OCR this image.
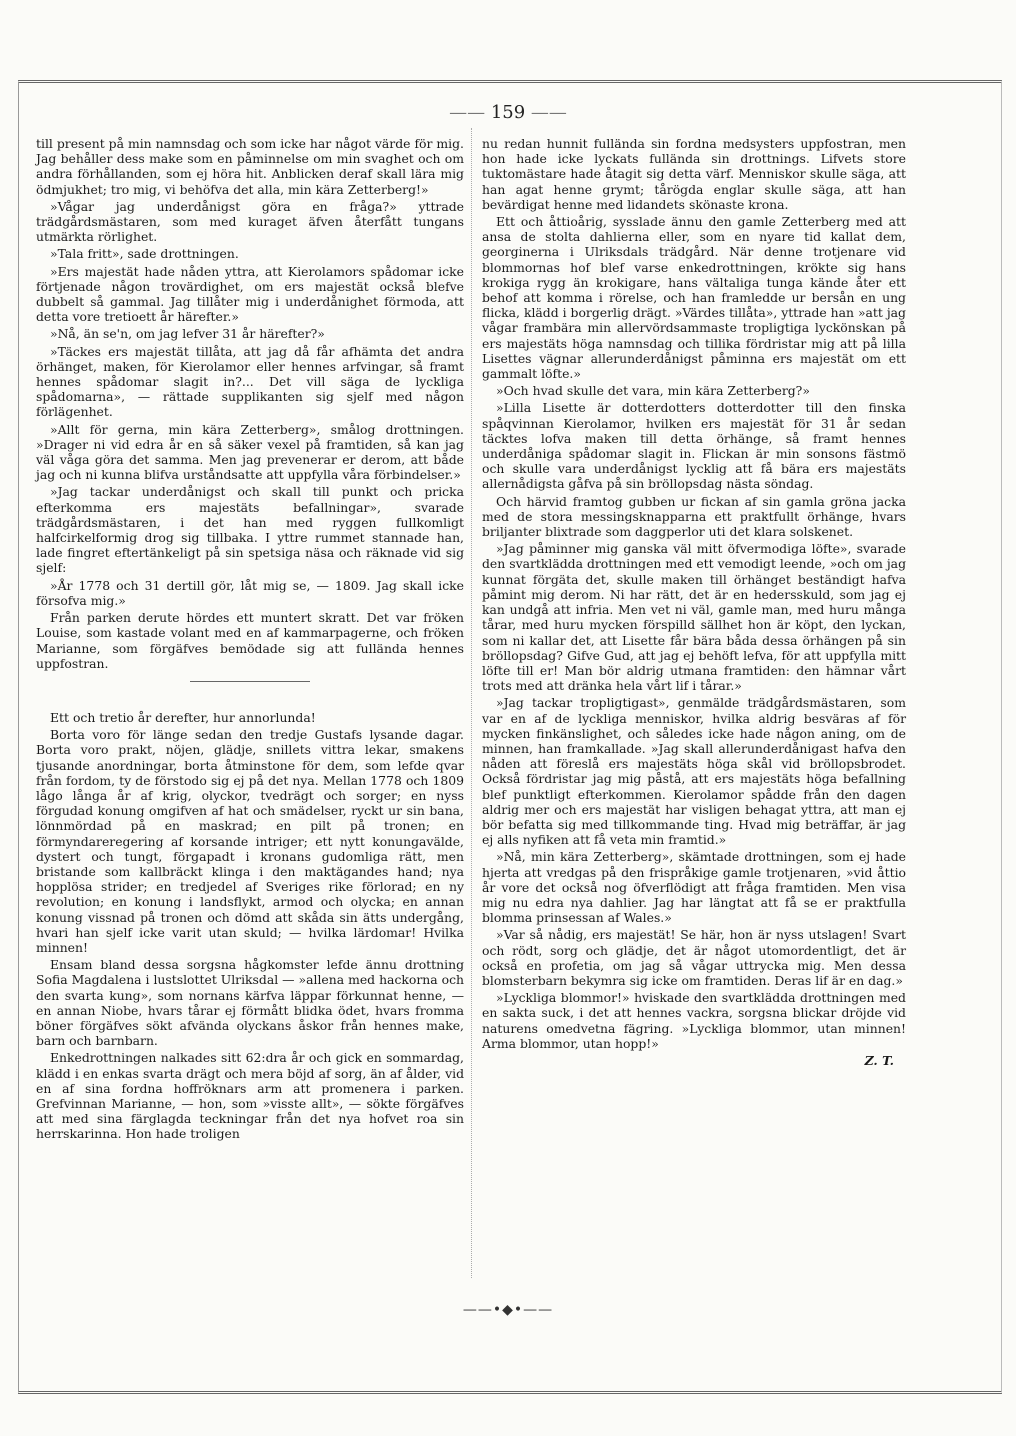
—— 159 ——

till present på min namnsdag och som icke har något värde för mig. Jag behåller dess make som en påminnelse om min svaghet och om andra förhållanden, som ej höra hit. Anblicken deraf skall lära mig ödmjukhet; tro mig, vi behöfva det alla, min kära Zetterberg!»

»Vågar jag underdånigst göra en fråga?» yttrade trädgårdsmästaren, som med kuraget äfven återfått tungans utmärkta rörlighet.

»Tala fritt», sade drottningen.

»Ers majestät hade nåden yttra, att Kierolamors spådomar icke förtjenade någon trovärdighet, om ers majestät också blefve dubbelt så gammal. Jag tillåter mig i underdånighet förmoda, att detta vore tretioett år härefter.»

»Nå, än se'n, om jag lefver 31 år härefter?»

»Täckes ers majestät tillåta, att jag då får afhämta det andra örhänget, maken, för Kierolamor eller hennes arfvingar, så framt hennes spådomar slagit in?... Det vill säga de lyckliga spådomarna», — rättade supplikanten sig sjelf med någon förlägenhet.

»Allt för gerna, min kära Zetterberg», smålog drottningen. »Drager ni vid edra år en så säker vexel på framtiden, så kan jag väl våga göra det samma. Men jag prevenerar er derom, att både jag och ni kunna blifva urståndsatte att uppfylla våra förbindelser.»

»Jag tackar underdånigst och skall till punkt och pricka efterkomma ers majestäts befallningar», svarade trädgårdsmästaren, i det han med ryggen fullkomligt halfcirkelformig drog sig tillbaka. I yttre rummet stannade han, lade fingret eftertänkeligt på sin spetsiga näsa och räknade vid sig sjelf:

»År 1778 och 31 dertill gör, låt mig se, — 1809. Jag skall icke försofva mig.»

Från parken derute hördes ett muntert skratt. Det var fröken Louise, som kastade volant med en af kammarpagerne, och fröken Marianne, som förgäfves bemödade sig att fullända hennes uppfostran.

Ett och tretio år derefter, hur annorlunda!

Borta voro för länge sedan den tredje Gustafs lysande dagar. Borta voro prakt, nöjen, glädje, snillets vittra lekar, smakens tjusande anordningar, borta åtminstone för dem, som lefde qvar från fordom, ty de förstodo sig ej på det nya. Mellan 1778 och 1809 lågo långa år af krig, olyckor, tvedrägt och sorger; en nyss förgudad konung omgifven af hat och smädelser, ryckt ur sin bana, lönnmördad på en maskrad; en pilt på tronen; en förmyndareregering af korsande intriger; ett nytt konungavälde, dystert och tungt, förgapadt i kronans gudomliga rätt, men bristande som kallbräckt klinga i den maktägandes hand; nya hopplösa strider; en tredjedel af Sveriges rike förlorad; en ny revolution; en konung i landsflykt, armod och olycka; en annan konung vissnad på tronen och dömd att skåda sin ätts undergång, hvari han sjelf icke varit utan skuld; — hvilka lärdomar! Hvilka minnen!

Ensam bland dessa sorgsna hågkomster lefde ännu drottning Sofia Magdalena i lustslottet Ulriksdal — »allena med hackorna och den svarta kung», som nornans kärfva läppar förkunnat henne, — en annan Niobe, hvars tårar ej förmått blidka ödet, hvars fromma böner förgäfves sökt afvända olyckans åskor från hennes make, barn och barnbarn.

Enkedrottningen nalkades sitt 62:dra år och gick en sommardag, klädd i en enkas svarta drägt och mera böjd af sorg, än af ålder, vid en af sina fordna hoffröknars arm att promenera i parken. Grefvinnan Marianne, — hon, som »visste allt», — sökte förgäfves att med sina färglagda teckningar från det nya hofvet roa sin herrskarinna. Hon hade troligen

nu redan hunnit fullända sin fordna medsysters uppfostran, men hon hade icke lyckats fullända sin drottnings. Lifvets store tuktomästare hade åtagit sig detta värf. Menniskor skulle säga, att han agat henne grymt; tårögda englar skulle säga, att han bevärdigat henne med lidandets skönaste krona.

Ett och åttioårig, sysslade ännu den gamle Zetterberg med att ansa de stolta dahlierna eller, som en nyare tid kallat dem, georginerna i Ulriksdals trädgård. När denne trotjenare vid blommornas hof blef varse enkedrottningen, krökte sig hans krokiga rygg än krokigare, hans vältaliga tunga kände åter ett behof att komma i rörelse, och han framledde ur bersån en ung flicka, klädd i borgerlig drägt. »Värdes tillåta», yttrade han »att jag vågar frambära min allervördsammaste tropligtiga lyckönskan på ers majestäts höga namnsdag och tillika fördristar mig att på lilla Lisettes vägnar allerunderdånigst påminna ers majestät om ett gammalt löfte.»

»Och hvad skulle det vara, min kära Zetterberg?»

»Lilla Lisette är dotterdotters dotterdotter till den finska spåqvinnan Kierolamor, hvilken ers majestät för 31 år sedan täcktes lofva maken till detta örhänge, så framt hennes underdåniga spådomar slagit in. Flickan är min sonsons fästmö och skulle vara underdånigst lycklig att få bära ers majestäts allernådigsta gåfva på sin bröllopsdag nästa söndag.

Och härvid framtog gubben ur fickan af sin gamla gröna jacka med de stora messingsknapparna ett praktfullt örhänge, hvars briljanter blixtrade som daggperlor uti det klara solskenet.

»Jag påminner mig ganska väl mitt öfvermodiga löfte», svarade den svartklädda drottningen med ett vemodigt leende, »och om jag kunnat förgäta det, skulle maken till örhänget beständigt hafva påmint mig derom. Ni har rätt, det är en hedersskuld, som jag ej kan undgå att infria. Men vet ni väl, gamle man, med huru många tårar, med huru mycken förspilld sällhet hon är köpt, den lyckan, som ni kallar det, att Lisette får bära båda dessa örhängen på sin bröllopsdag? Gifve Gud, att jag ej behöft lefva, för att uppfylla mitt löfte till er! Man bör aldrig utmana framtiden: den hämnar vårt trots med att dränka hela vårt lif i tårar.»

»Jag tackar tropligtigast», genmälde trädgårdsmästaren, som var en af de lyckliga menniskor, hvilka aldrig besväras af för mycken finkänslighet, och således icke hade någon aning, om de minnen, han framkallade. »Jag skall allerunderdånigast hafva den nåden att föreslå ers majestäts höga skål vid bröllopsbrodet. Också fördristar jag mig påstå, att ers majestäts höga befallning blef punktligt efterkommen. Kierolamor spådde från den dagen aldrig mer och ers majestät har visligen behagat yttra, att man ej bör befatta sig med tillkommande ting. Hvad mig beträffar, är jag ej alls nyfiken att få veta min framtid.»

»Nå, min kära Zetterberg», skämtade drottningen, som ej hade hjerta att vredgas på den frispråkige gamle trotjenaren, »vid åttio år vore det också nog öfverflödigt att fråga framtiden. Men visa mig nu edra nya dahlier. Jag har längtat att få se er praktfulla blomma prinsessan af Wales.»

»Var så nådig, ers majestät! Se här, hon är nyss utslagen! Svart och rödt, sorg och glädje, det är något utomordentligt, det är också en profetia, om jag så vågar uttrycka mig. Men dessa blomsterbarn bekymra sig icke om framtiden. Deras lif är en dag.»

»Lyckliga blommor!» hviskade den svartklädda drottningen med en sakta suck, i det att hennes vackra, sorgsna blickar dröjde vid naturens omedvetna fägring. »Lyckliga blommor, utan minnen! Arma blommor, utan hopp!»

Z. T.
——•◆•——
